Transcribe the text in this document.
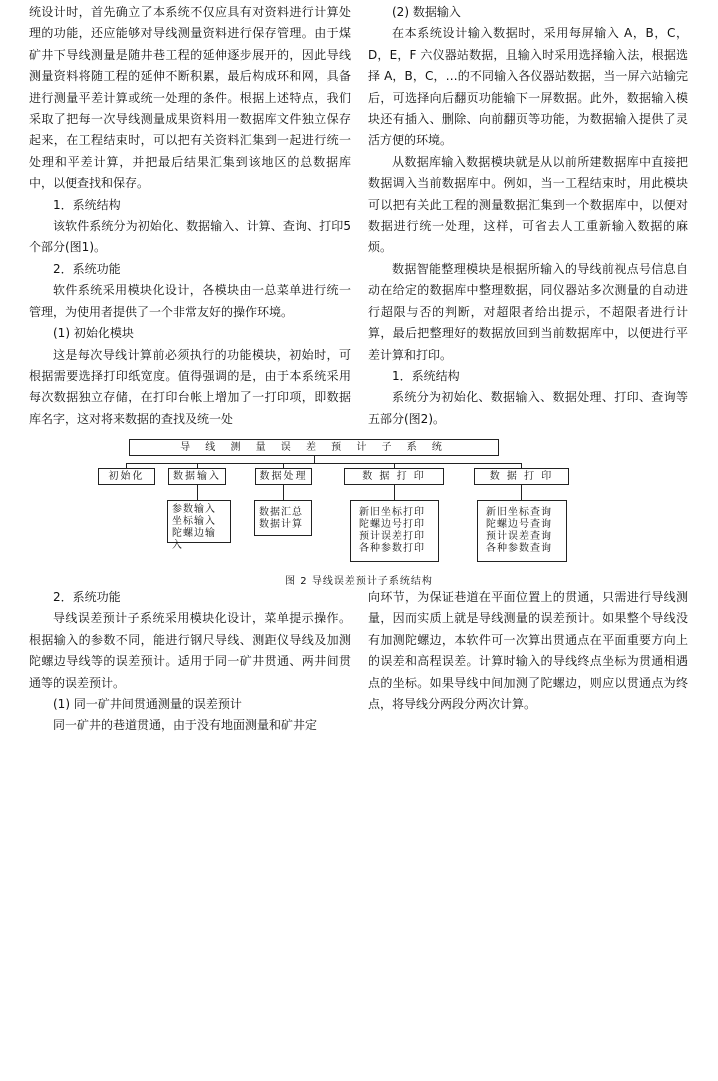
统设计时，首先确立了本系统不仅应具有对资料进行计算处理的功能，还应能够对导线测量资料进行保存管理。由于煤矿井下导线测量是随井巷工程的延伸逐步展开的，因此导线测量资料将随工程的延伸不断积累，最后构成环和网，具备进行测量平差计算或统一处理的条件。根据上述特点，我们采取了把每一次导线测量成果资料用一数据库文件独立保存起来，在工程结束时，可以把有关资料汇集到一起进行统一处理和平差计算，并把最后结果汇集到该地区的总数据库中，以便查找和保存。

1．系统结构

该软件系统分为初始化、数据输入、计算、查询、打印5个部分(图1)。

2．系统功能

软件系统采用模块化设计，各模块由一总菜单进行统一管理，为使用者提供了一个非常友好的操作环境。

(1) 初始化模块

这是每次导线计算前必须执行的功能模块，初始时，可根据需要选择打印纸宽度。值得强调的是，由于本系统采用每次数据独立存储，在打印台帐上增加了一打印项，即数据库名字，这对将来数据的查找及统一处

(2) 数据输入

在本系统设计输入数据时，采用每屏输入 A，B，C，D，E，F 六仪器站数据，且输入时采用选择输入法，根据选择 A，B，C，…的不同输入各仪器站数据，当一屏六站输完后，可选择向后翻页功能输下一屏数据。此外，数据输入模块还有插入、删除、向前翻页等功能，为数据输入提供了灵活方便的环境。

从数据库输入数据模块就是从以前所建数据库中直接把数据调入当前数据库中。例如，当一工程结束时，用此模块可以把有关此工程的测量数据汇集到一个数据库中，以便对数据进行统一处理，这样，可省去人工重新输入数据的麻烦。

数据智能整理模块是根据所输入的导线前视点号信息自动在给定的数据库中整理数据，同仪器站多次测量的自动进行超限与否的判断，对超限者给出提示，不超限者进行计算，最后把整理好的数据放回到当前数据库中，以便进行平差计算和打印。

1．系统结构

系统分为初始化、数据输入、数据处理、打印、查询等五部分(图2)。

导 线 测 量 误 差 预 计 子 系 统
初始化	数据输入	数据处理	数 据 打 印	数 据 打 印
参数输入
坐标输入
陀螺边输入
数据汇总
数据计算
新旧坐标打印
陀螺边号打印
预计误差打印
各种参数打印
新旧坐标查询
陀螺边号查询
预计误差查询
各种参数查询
图 2 导线误差预计子系统结构

2．系统功能

导线误差预计子系统采用模块化设计，菜单提示操作。根据输入的参数不同，能进行钢尺导线、测距仪导线及加测陀螺边导线等的误差预计。适用于同一矿井贯通、两井间贯通等的误差预计。

(1) 同一矿井间贯通测量的误差预计

同一矿井的巷道贯通，由于没有地面测量和矿井定

向环节，为保证巷道在平面位置上的贯通，只需进行导线测量，因而实质上就是导线测量的误差预计。如果整个导线没有加测陀螺边，本软件可一次算出贯通点在平面重要方向上的误差和高程误差。计算时输入的导线终点坐标为贯通相遇点的坐标。如果导线中间加测了陀螺边，则应以贯通点为终点，将导线分两段分两次计算。
